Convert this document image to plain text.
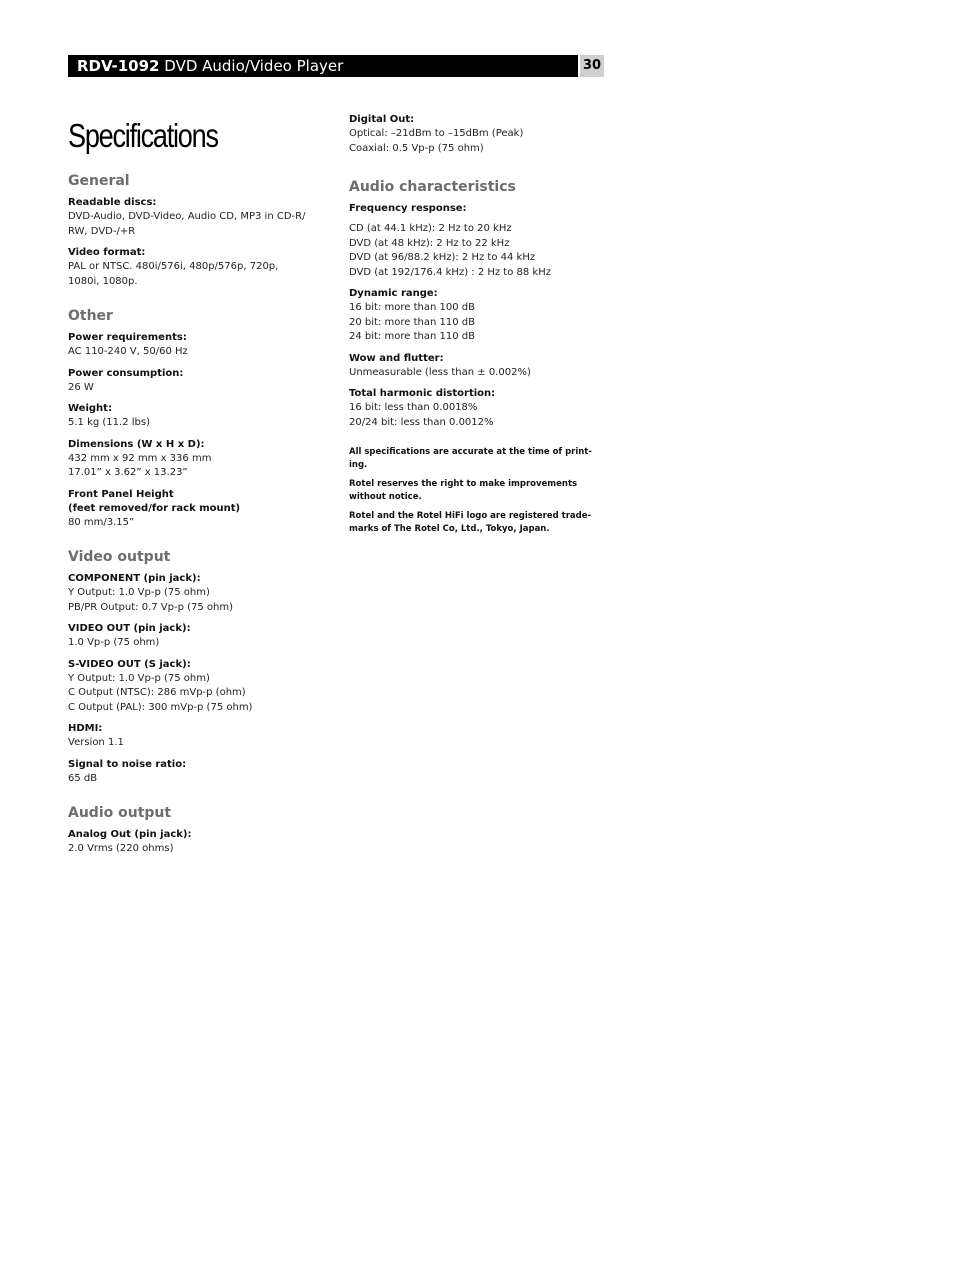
RDV-1092 DVD Audio/Video Player	30
Specifications
General
Readable discs:
DVD-Audio, DVD-Video, Audio CD, MP3 in CD-R/
RW, DVD-/+R
Video format:
PAL or NTSC. 480i/576i, 480p/576p, 720p,
1080i, 1080p.
Other
Power requirements:
AC 110-240 V, 50/60 Hz
Power consumption:
26 W
Weight:
5.1 kg (11.2 lbs)
Dimensions (W x H x D):
432 mm x 92 mm x 336 mm
17.01” x 3.62” x 13.23”
Front Panel Height
(feet removed/for rack mount)
80 mm/3.15”
Video output
COMPONENT (pin jack):
Y Output: 1.0 Vp-p (75 ohm)
PB/PR Output: 0.7 Vp-p (75 ohm)
VIDEO OUT (pin jack):
1.0 Vp-p (75 ohm)
S-VIDEO OUT (S jack):
Y Output: 1.0 Vp-p (75 ohm)
C Output (NTSC): 286 mVp-p (ohm)
C Output (PAL): 300 mVp-p (75 ohm)
HDMI:
Version 1.1
Signal to noise ratio:
65 dB
Audio output
Analog Out (pin jack):
2.0 Vrms (220 ohms)
Digital Out:
Optical: –21dBm to –15dBm (Peak)
Coaxial: 0.5 Vp-p (75 ohm)
Audio characteristics
Frequency response:
CD (at 44.1 kHz): 2 Hz to 20 kHz
DVD (at 48 kHz): 2 Hz to 22 kHz
DVD (at 96/88.2 kHz): 2 Hz to 44 kHz
DVD (at 192/176.4 kHz) : 2 Hz to 88 kHz
Dynamic range:
16 bit: more than 100 dB
20 bit: more than 110 dB
24 bit: more than 110 dB
Wow and flutter:
Unmeasurable (less than ± 0.002%)
Total harmonic distortion:
16 bit: less than 0.0018%
20/24 bit: less than 0.0012%
All specifications are accurate at the time of print-
ing.
Rotel reserves the right to make improvements
without notice.
Rotel and the Rotel HiFi logo are registered trade-
marks of The Rotel Co, Ltd., Tokyo, Japan.
